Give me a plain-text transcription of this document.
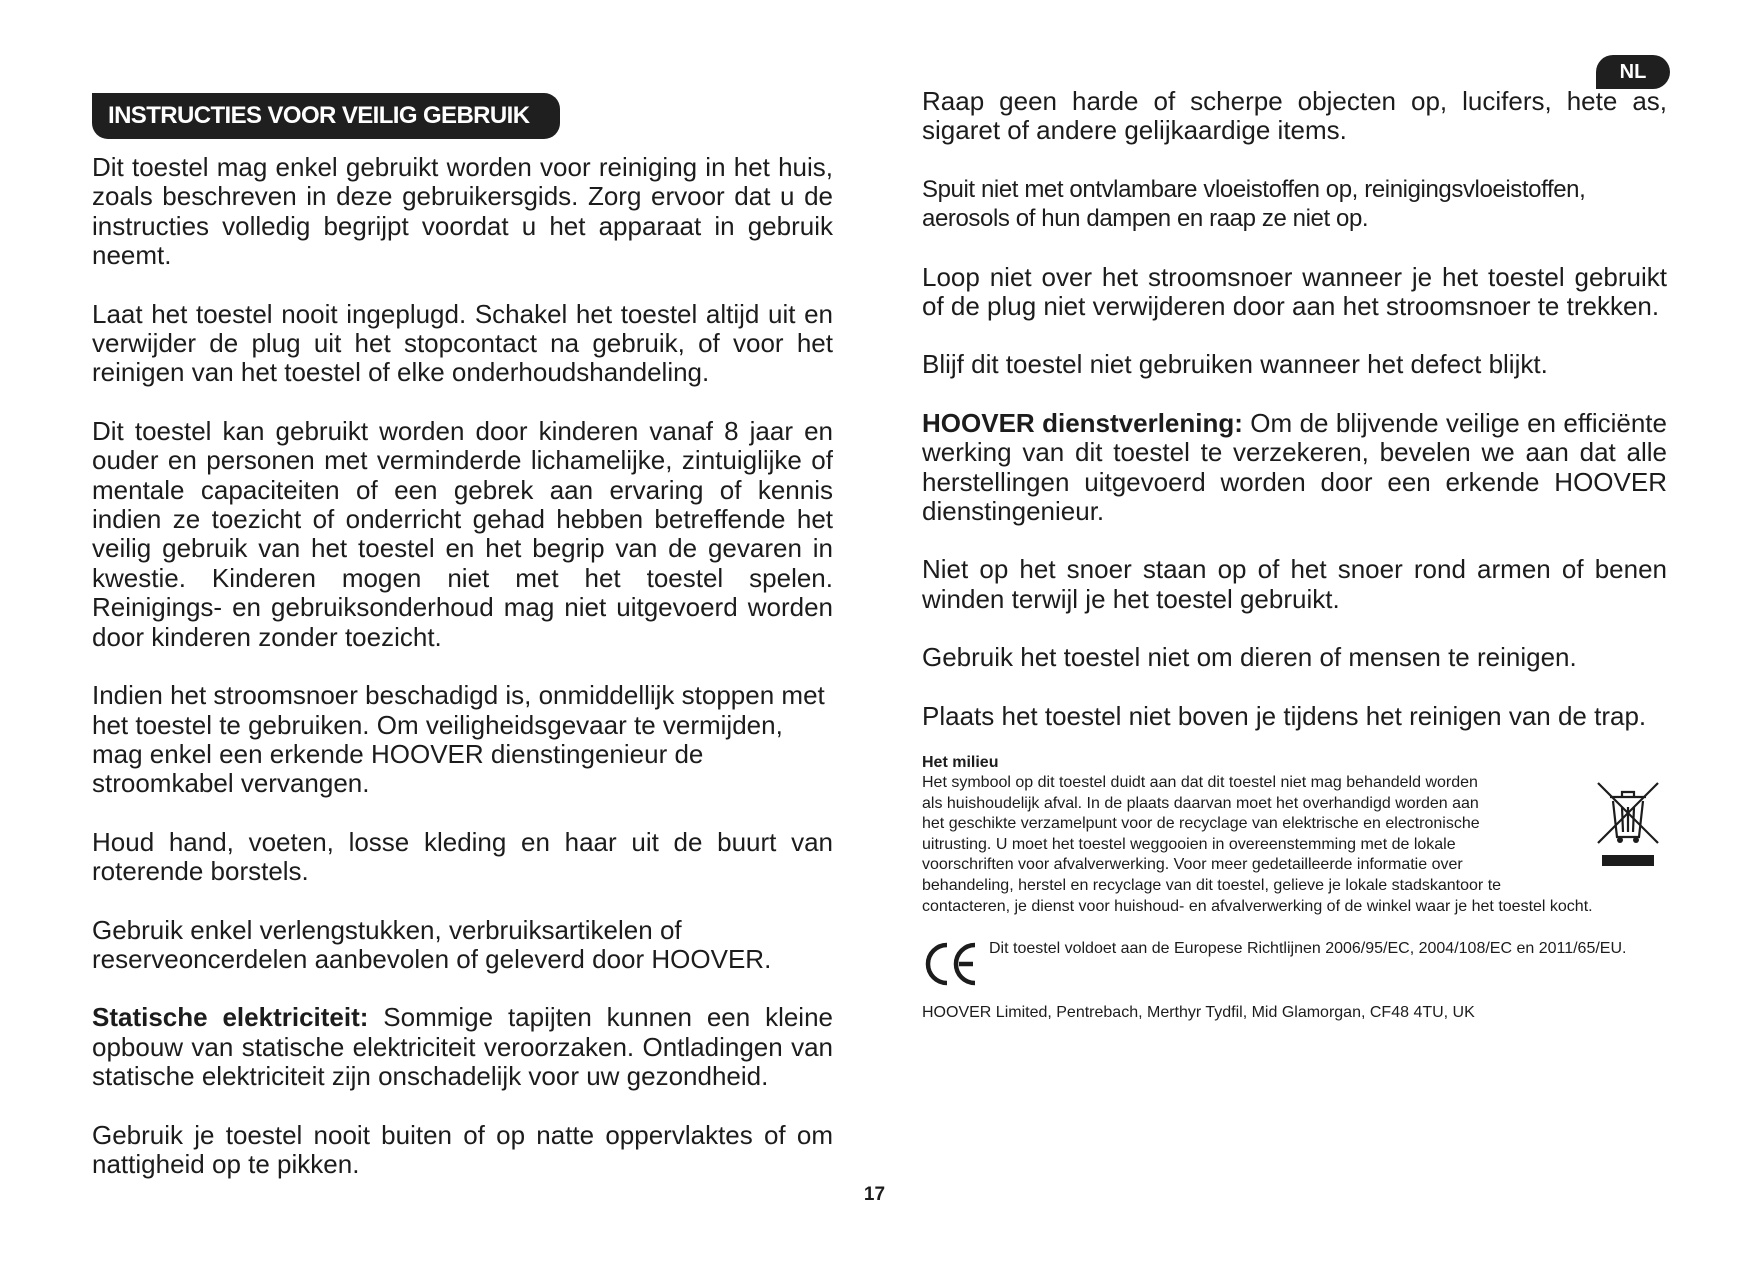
INSTRUCTIES VOOR VEILIG GEBRUIK
NL

Dit toestel mag enkel gebruikt worden voor reiniging in het huis, zoals beschreven in deze gebruikersgids. Zorg ervoor dat u de instructies volledig begrijpt voordat u het apparaat in gebruik neemt.

Laat het toestel nooit ingeplugd. Schakel het toestel altijd uit en verwijder de plug uit het stopcontact na gebruik, of voor het reinigen van het toestel of elke onderhoudshandeling.

Dit toestel kan gebruikt worden door kinderen vanaf 8 jaar en ouder en personen met verminderde lichamelijke, zintuiglijke of mentale capaciteiten of een gebrek aan ervaring of kennis indien ze toezicht of onderricht gehad hebben betreffende het veilig gebruik van het toestel en het begrip van de gevaren in kwestie. Kinderen mogen niet met het toestel spelen. Reinigings- en gebruiksonderhoud mag niet uitgevoerd worden door kinderen zonder toezicht.

Indien het stroomsnoer beschadigd is, onmiddellijk stoppen met het toestel te gebruiken. Om veiligheidsgevaar te vermijden, mag enkel een erkende HOOVER dienstingenieur de stroomkabel vervangen.

Houd hand, voeten, losse kleding en haar uit de buurt van roterende borstels.

Gebruik enkel verlengstukken, verbruiksartikelen of reserveoncerdelen aanbevolen of geleverd door HOOVER.

Statische elektriciteit: Sommige tapijten kunnen een kleine opbouw van statische elektriciteit veroorzaken. Ontladingen van statische elektriciteit zijn onschadelijk voor uw gezondheid.

Gebruik je toestel nooit buiten of op natte oppervlaktes of om nattigheid op te pikken.

Raap geen harde of scherpe objecten op, lucifers, hete as, sigaret of andere gelijkaardige items.

Spuit niet met ontvlambare vloeistoffen op, reinigingsvloeistoffen, aerosols of hun dampen en raap ze niet op.

Loop niet over het stroomsnoer wanneer je het toestel gebruikt of de plug niet verwijderen door aan het stroomsnoer te trekken.

Blijf dit toestel niet gebruiken wanneer het defect blijkt.

HOOVER dienstverlening: Om de blijvende veilige en efficiënte werking van dit toestel te verzekeren, bevelen we aan dat alle herstellingen uitgevoerd worden door een erkende HOOVER dienstingenieur.

Niet op het snoer staan op of het snoer rond armen of benen winden terwijl je het toestel gebruikt.

Gebruik het toestel niet om dieren of mensen te reinigen.

Plaats het toestel niet boven je tijdens het reinigen van de trap.

Het milieu
Het symbool op dit toestel duidt aan dat dit toestel niet mag behandeld worden
als huishoudelijk afval. In de plaats daarvan moet het overhandigd worden aan
het geschikte verzamelpunt voor de recyclage van elektrische en electronische
uitrusting. U moet het toestel weggooien in overeenstemming met de lokale
voorschriften voor afvalverwerking. Voor meer gedetailleerde informatie over
behandeling, herstel en recyclage van dit toestel, gelieve je lokale stadskantoor te
contacteren, je dienst voor huishoud- en afvalverwerking of de winkel waar je het toestel kocht.
Dit toestel voldoet aan de Europese Richtlijnen 2006/95/EC, 2004/108/EC en 2011/65/EU.
HOOVER Limited, Pentrebach, Merthyr Tydfil, Mid Glamorgan, CF48 4TU, UK
17
